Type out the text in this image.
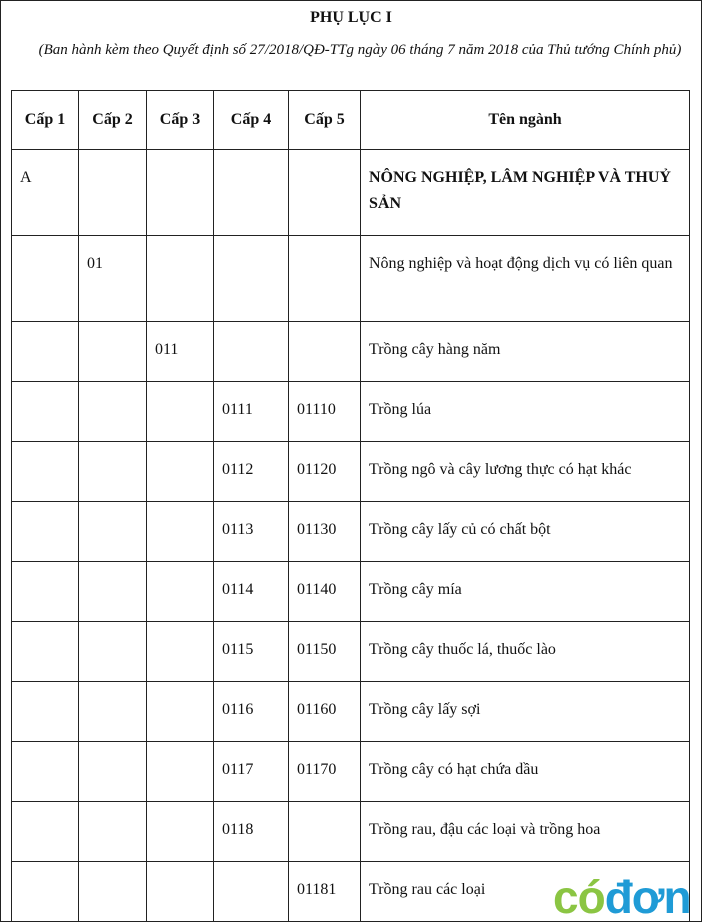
PHỤ LỤC I
(Ban hành kèm theo Quyết định số 27/2018/QĐ-TTg ngày 06 tháng 7 năm 2018 của Thủ tướng Chính phủ)
Cấp 1	Cấp 2	Cấp 3	Cấp 4	Cấp 5	Tên ngành
A					NÔNG NGHIỆP, LÂM NGHIỆP VÀ THUỶ SẢN
	01				Nông nghiệp và hoạt động dịch vụ có liên quan
		011			Trồng cây hàng năm
			0111	01110	Trồng lúa
			0112	01120	Trồng ngô và cây lương thực có hạt khác
			0113	01130	Trồng cây lấy củ có chất bột
			0114	01140	Trồng cây mía
			0115	01150	Trồng cây thuốc lá, thuốc lào
			0116	01160	Trồng cây lấy sợi
			0117	01170	Trồng cây có hạt chứa dầu
			0118		Trồng rau, đậu các loại và trồng hoa
				01181	Trồng rau các loại cóđơn
